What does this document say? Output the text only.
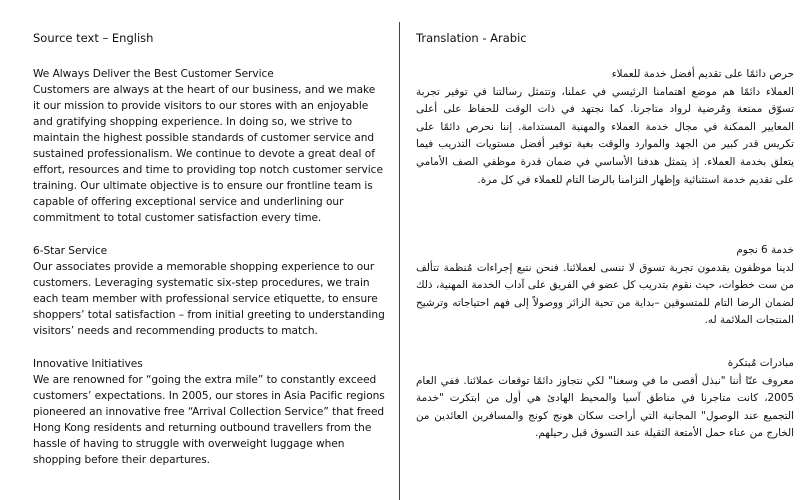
Source text – English

We Always Deliver the Best Customer Service

Customers are always at the heart of our business, and we make it our mission to provide visitors to our stores with an enjoyable and gratifying shopping experience. In doing so, we strive to maintain the highest possible standards of customer service and sustained professionalism. We continue to devote a great deal of effort, resources and time to providing top notch customer service training. Our ultimate objective is to ensure our frontline team is capable of offering exceptional service and underlining our commitment to total customer satisfaction every time.

6-Star Service

Our associates provide a memorable shopping experience to our customers. Leveraging systematic six-step procedures, we train each team member with professional service etiquette, to ensure shoppers’ total satisfaction – from initial greeting to understanding visitors’ needs and recommending products to match.

Innovative Initiatives

We are renowned for “going the extra mile” to constantly exceed customers’ expectations. In 2005, our stores in Asia Pacific regions pioneered an innovative free “Arrival Collection Service” that freed Hong Kong residents and returning outbound travellers from the hassle of having to struggle with overweight luggage when shopping before their departures.

Translation - Arabic

حرص دائمًا على تقديم أفضل خدمة للعملاء

العملاء دائمًا هم موضع اهتمامنا الرئيسي في عملنا، وتتمثل رسالتنا في توفير تجربة تسوّق ممتعة ومُرضية لرواد متاجرنا. كما نجتهد في ذات الوقت للحفاظ على أعلى المعايير الممكنة في مجال خدمة العملاء والمهنية المستدامة. إننا نحرص دائمًا على تكريس قدر كبير من الجهد والموارد والوقت بغية توفير أفضل مستويات التدريب فيما يتعلق بخدمة العملاء. إذ يتمثل هدفنا الأساسي في ضمان قدرة موظفي الصف الأمامي على تقديم خدمة استثنائية وإظهار التزامنا بالرضا التام للعملاء في كل مرة.

خدمة 6 نجوم

لدينا موظفون يقدمون تجربة تسوق لا تنسى لعملائنا. فنحن نتبع إجراءات مُنظمة تتألف من ست خطوات، حيث نقوم بتدريب كل عضو في الفريق على آداب الخدمة المهنية، ذلك لضمان الرضا التام للمتسوقين –بداية من تحية الزائر ووصولاً إلى فهم احتياجاته وترشيح المنتجات الملائمة له.

مبادرات مُبتكرة

معروف عنّا أننا "نبذل أقصى ما في وسعنا" لكي نتجاوز دائمًا توقعات عملائنا. ففي العام 2005، كانت متاجرنا في مناطق آسيا والمحيط الهادئ هي أول من ابتكرت "خدمة التجميع عند الوصول" المجانية التي أراحت سكان هونج كونج والمسافرين العائدين من الخارج من عناء حمل الأمتعة الثقيلة عند التسوق قبل رحيلهم.
